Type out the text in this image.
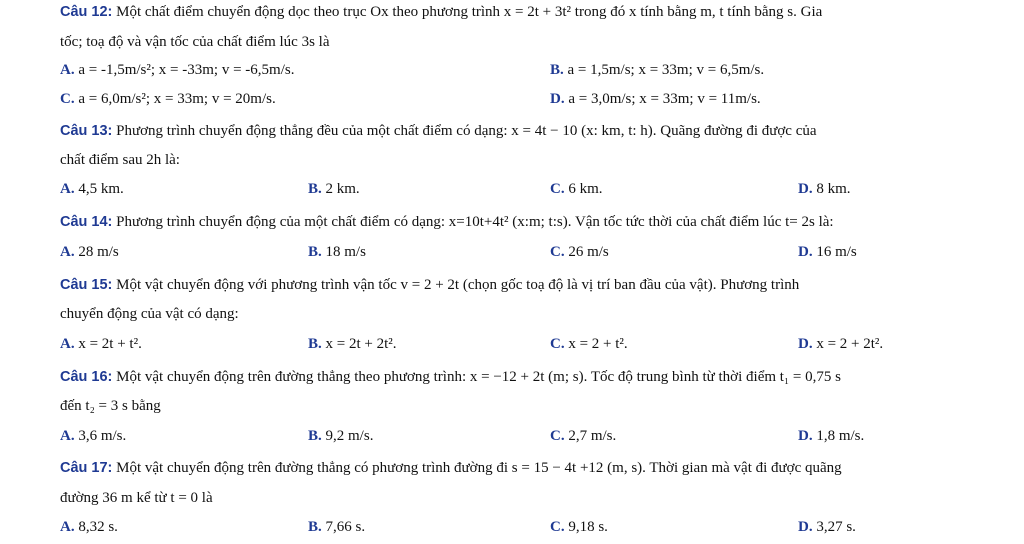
Câu 12: Một chất điểm chuyển động dọc theo trục Ox theo phương trình x = 2t + 3t² trong đó x tính bằng m, t tính bằng s. Gia
tốc; toạ độ và vận tốc của chất điểm lúc 3s là
A. a = -1,5m/s²; x = -33m; v = -6,5m/s.	B. a = 1,5m/s; x = 33m; v = 6,5m/s.
C. a = 6,0m/s²; x = 33m; v = 20m/s.	D. a = 3,0m/s; x = 33m; v = 11m/s.
Câu 13: Phương trình chuyển động thẳng đều của một chất điểm có dạng: x = 4t − 10 (x: km, t: h). Quãng đường đi được của
chất điểm sau 2h là:
A. 4,5 km.	B. 2 km.	C. 6 km.	D. 8 km.
Câu 14: Phương trình chuyển động của một chất điểm có dạng: x=10t+4t² (x:m; t:s). Vận tốc tức thời của chất điểm lúc t= 2s là:
A. 28 m/s	B. 18 m/s	C. 26 m/s	D. 16 m/s
Câu 15: Một vật chuyển động với phương trình vận tốc v = 2 + 2t (chọn gốc toạ độ là vị trí ban đầu của vật). Phương trình
chuyển động của vật có dạng:
A. x = 2t + t².	B. x = 2t + 2t².	C. x = 2 + t².	D. x = 2 + 2t².
Câu 16: Một vật chuyển động trên đường thẳng theo phương trình: x = −12 + 2t (m; s). Tốc độ trung bình từ thời điểm t₁ = 0,75 s
đến t₂ = 3 s bằng
A. 3,6 m/s.	B. 9,2 m/s.	C. 2,7 m/s.	D. 1,8 m/s.
Câu 17: Một vật chuyển động trên đường thẳng có phương trình đường đi s = 15 − 4t +12 (m, s). Thời gian mà vật đi được quãng
đường 36 m kể từ t = 0 là
A. 8,32 s.	B. 7,66 s.	C. 9,18 s.	D. 3,27 s.
